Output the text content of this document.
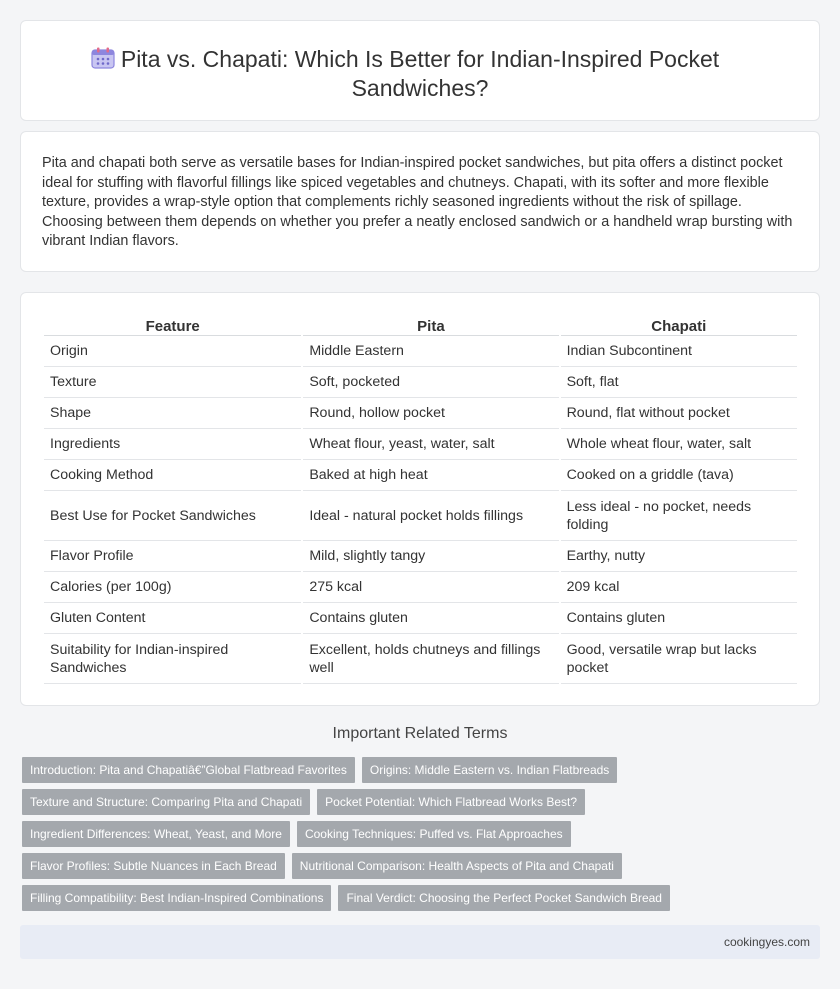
Pita vs. Chapati: Which Is Better for Indian-Inspired Pocket
Sandwiches?

Pita and chapati both serve as versatile bases for Indian-inspired pocket sandwiches, but pita offers a distinct pocket ideal for stuffing with flavorful fillings like spiced vegetables and chutneys. Chapati, with its softer and more flexible texture, provides a wrap-style option that complements richly seasoned ingredients without the risk of spillage. Choosing between them depends on whether you prefer a neatly enclosed sandwich or a handheld wrap bursting with vibrant Indian flavors.

Feature	Pita	Chapati
Origin	Middle Eastern	Indian Subcontinent
Texture	Soft, pocketed	Soft, flat
Shape	Round, hollow pocket	Round, flat without pocket
Ingredients	Wheat flour, yeast, water, salt	Whole wheat flour, water, salt
Cooking Method	Baked at high heat	Cooked on a griddle (tava)
Best Use for Pocket Sandwiches	Ideal - natural pocket holds fillings	Less ideal - no pocket, needs folding
Flavor Profile	Mild, slightly tangy	Earthy, nutty
Calories (per 100g)	275 kcal	209 kcal
Gluten Content	Contains gluten	Contains gluten
Suitability for Indian-inspired Sandwiches	Excellent, holds chutneys and fillings well	Good, versatile wrap but lacks pocket
Important Related Terms
Introduction: Pita and Chapatiâ€”Global Flatbread Favorites	Origins: Middle Eastern vs. Indian Flatbreads
Texture and Structure: Comparing Pita and Chapati	Pocket Potential: Which Flatbread Works Best?
Ingredient Differences: Wheat, Yeast, and More	Cooking Techniques: Puffed vs. Flat Approaches
Flavor Profiles: Subtle Nuances in Each Bread	Nutritional Comparison: Health Aspects of Pita and Chapati
Filling Compatibility: Best Indian-Inspired Combinations	Final Verdict: Choosing the Perfect Pocket Sandwich Bread
cookingyes.com
